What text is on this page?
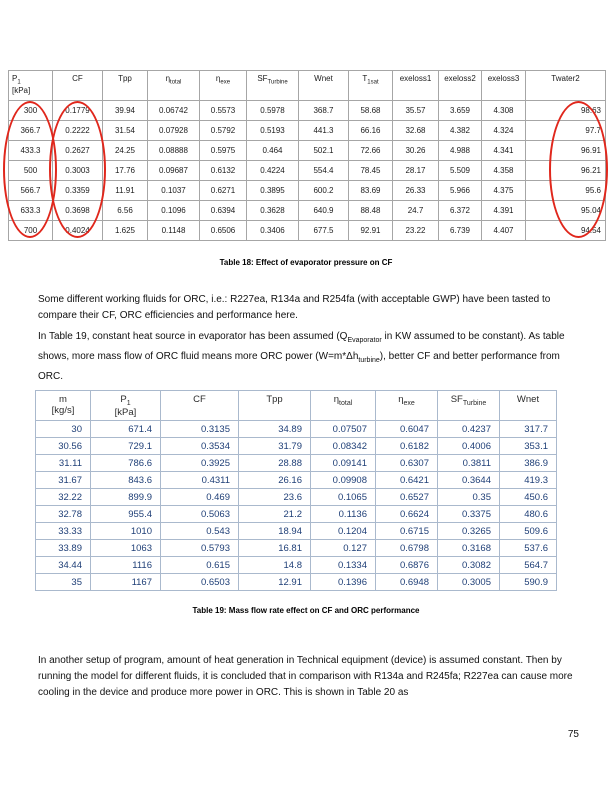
$P_1$
[kPa]	CF	Tpp	$\eta_{total}$	$\eta_{exe}$	$SF_{Turbine}$	Wnet	$T_{1sat}$	exeloss1	exeloss2	exeloss3	Twater2
300	0.1779	39.94	0.06742	0.5573	0.5978	368.7	58.68	35.57	3.659	4.308	98.63
366.7	0.2222	31.54	0.07928	0.5792	0.5193	441.3	66.16	32.68	4.382	4.324	97.7
433.3	0.2627	24.25	0.08888	0.5975	0.464	502.1	72.66	30.26	4.988	4.341	96.91
500	0.3003	17.76	0.09687	0.6132	0.4224	554.4	78.45	28.17	5.509	4.358	96.21
566.7	0.3359	11.91	0.1037	0.6271	0.3895	600.2	83.69	26.33	5.966	4.375	95.6
633.3	0.3698	6.56	0.1096	0.6394	0.3628	640.9	88.48	24.7	6.372	4.391	95.04
700	0.4024	1.625	0.1148	0.6506	0.3406	677.5	92.91	23.22	6.739	4.407	94.54
Table 18: Effect of evaporator pressure on CF

Some different working fluids for ORC, i.e.: R227ea, R134a and R254fa (with acceptable GWP) have been tasted to compare their CF, ORC efficiencies and performance here.

In Table 19, constant heat source in evaporator has been assumed ($Q_{Evaporator}$ in KW assumed to be constant). As table shows, more mass flow of ORC fluid means more ORC power $(W=m*\Delta h_{turbine})$, better CF and better performance from ORC.

m
[kg/s]	$P_1$
[kPa]	CF	Tpp	$\eta_{total}$	$\eta_{exe}$	$SF_{Turbine}$	Wnet
30	671.4	0.3135	34.89	0.07507	0.6047	0.4237	317.7
30.56	729.1	0.3534	31.79	0.08342	0.6182	0.4006	353.1
31.11	786.6	0.3925	28.88	0.09141	0.6307	0.3811	386.9
31.67	843.6	0.4311	26.16	0.09908	0.6421	0.3644	419.3
32.22	899.9	0.469	23.6	0.1065	0.6527	0.35	450.6
32.78	955.4	0.5063	21.2	0.1136	0.6624	0.3375	480.6
33.33	1010	0.543	18.94	0.1204	0.6715	0.3265	509.6
33.89	1063	0.5793	16.81	0.127	0.6798	0.3168	537.6
34.44	1116	0.615	14.8	0.1334	0.6876	0.3082	564.7
35	1167	0.6503	12.91	0.1396	0.6948	0.3005	590.9
Table 19: Mass flow rate effect on CF and ORC performance

In another setup of program, amount of heat generation in Technical equipment (device) is assumed constant. Then by running the model for different fluids, it is concluded that in comparison with R134a and R245fa; R227ea can cause more cooling in the device and produce more power in ORC. This is shown in Table 20 as

75
